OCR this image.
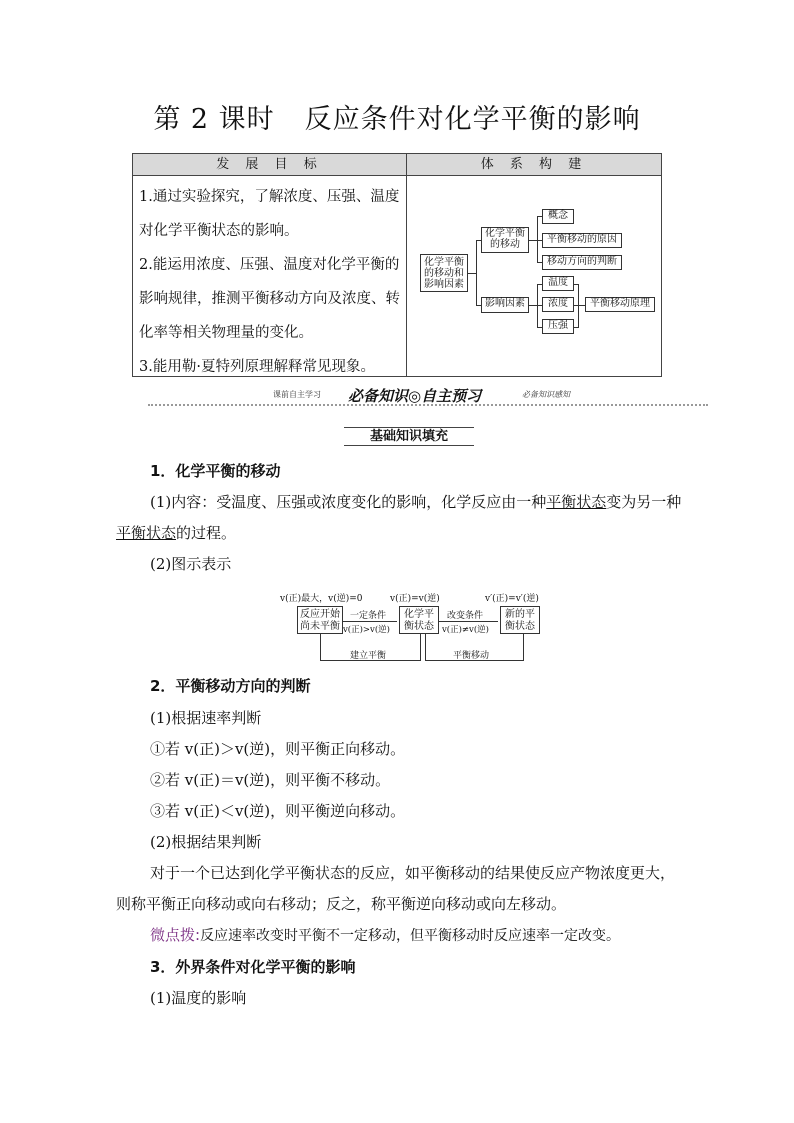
第 2 课时 反应条件对化学平衡的影响
发 展 目 标	体 系 构 建

1.通过实验探究，了解浓度、压强、温度对化学平衡状态的影响。

2.能运用浓度、压强、温度对化学平衡的影响规律，推测平衡移动方向及浓度、转化率等相关物理量的变化。

3.能用勒·夏特列原理解释常见现象。

化学平衡的移动和影响因素
化学平衡的移动
概念
平衡移动的原因
移动方向的判断
影响因素
温度
浓度
压强
平衡移动原理
课前自主学习 必备知识◎自主预习	必备知识感知
基础知识填充
1．化学平衡的移动
(1)内容：受温度、压强或浓度变化的影响，化学反应由一种平衡状态变为另一种平衡状态的过程。
(2)图示表示
v(正)最大，v(逆)=0	v(正)=v(逆)	v′(正)=v′(逆)
反应开始尚未平衡
化学平衡状态
新的平衡状态
一定条件
v(正)>v(逆)
改变条件
v(正)≠v(逆)
建立平衡	平衡移动
2．平衡移动方向的判断
(1)根据速率判断
①若 v(正)＞v(逆)，则平衡正向移动。
②若 v(正)＝v(逆)，则平衡不移动。
③若 v(正)＜v(逆)，则平衡逆向移动。
(2)根据结果判断
对于一个已达到化学平衡状态的反应，如平衡移动的结果使反应产物浓度更大，则称平衡正向移动或向右移动；反之，称平衡逆向移动或向左移动。
微点拨:反应速率改变时平衡不一定移动，但平衡移动时反应速率一定改变。
3．外界条件对化学平衡的影响
(1)温度的影响
